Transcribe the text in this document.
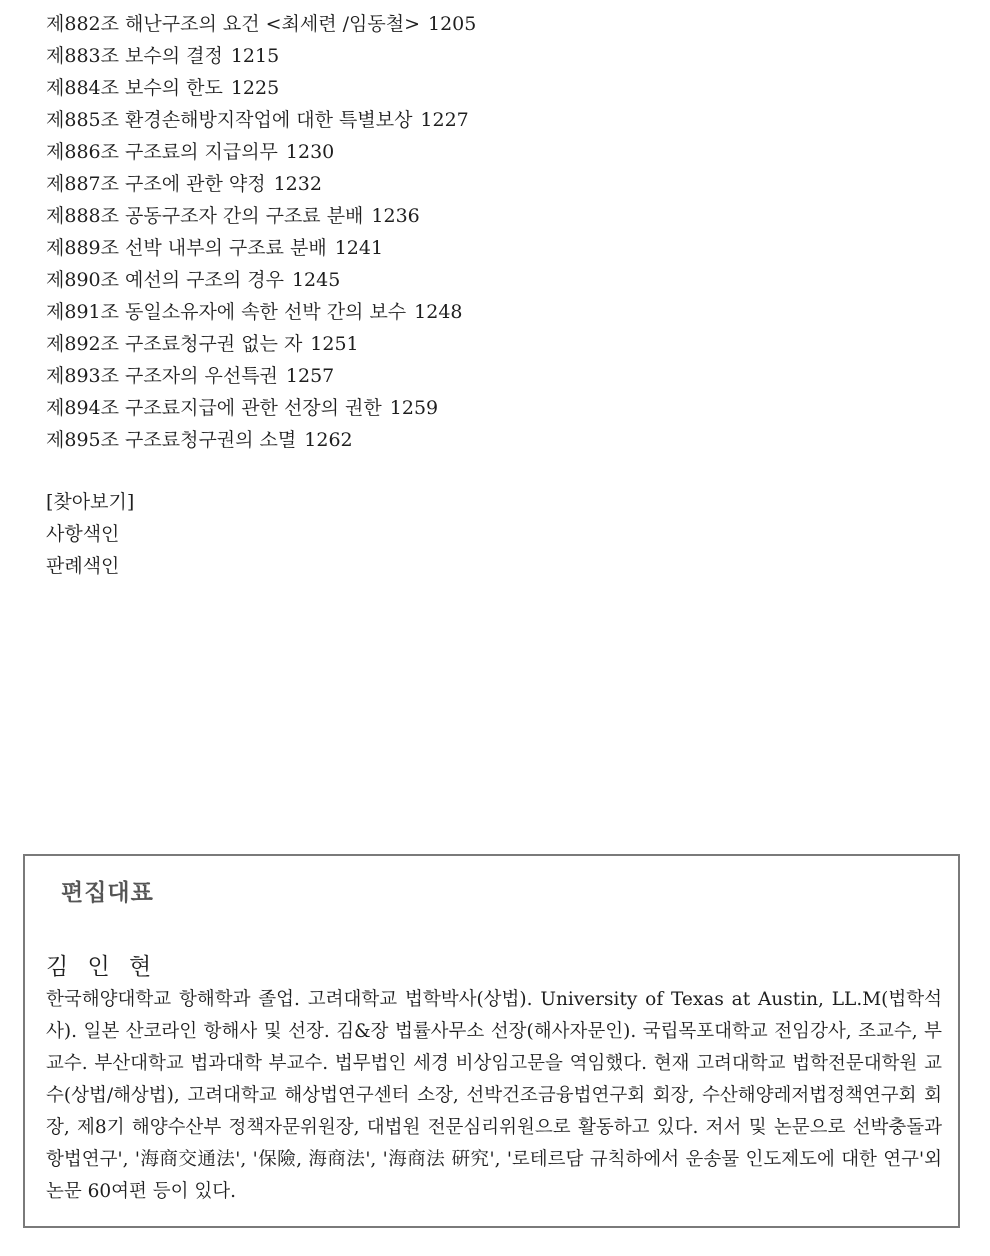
제882조 해난구조의 요건 <최세련 /임동철> 1205
제883조 보수의 결정 1215
제884조 보수의 한도 1225
제885조 환경손해방지작업에 대한 특별보상 1227
제886조 구조료의 지급의무 1230
제887조 구조에 관한 약정 1232
제888조 공동구조자 간의 구조료 분배 1236
제889조 선박 내부의 구조료 분배 1241
제890조 예선의 구조의 경우 1245
제891조 동일소유자에 속한 선박 간의 보수 1248
제892조 구조료청구권 없는 자 1251
제893조 구조자의 우선특권 1257
제894조 구조료지급에 관한 선장의 권한 1259
제895조 구조료청구권의 소멸 1262
[찾아보기]
사항색인
판례색인
편집대표
김 인 현
한국해양대학교 항해학과 졸업. 고려대학교 법학박사(상법). University of Texas at Austin, LL.M(법학석사). 일본 산코라인 항해사 및 선장. 김&장 법률사무소 선장(해사자문인). 국립목포대학교 전임강사, 조교수, 부교수. 부산대학교 법과대학 부교수. 법무법인 세경 비상임고문을 역임했다. 현재 고려대학교 법학전문대학원 교수(상법/해상법), 고려대학교 해상법연구센터 소장, 선박건조금융법연구회 회장, 수산해양레저법정책연구회 회장, 제8기 해양수산부 정책자문위원장, 대법원 전문심리위원으로 활동하고 있다. 저서 및 논문으로 선박충돌과 항법연구', '海商交通法', '保險, 海商法', '海商法 硏究', '로테르담 규칙하에서 운송물 인도제도에 대한 연구'외 논문 60여편 등이 있다.
